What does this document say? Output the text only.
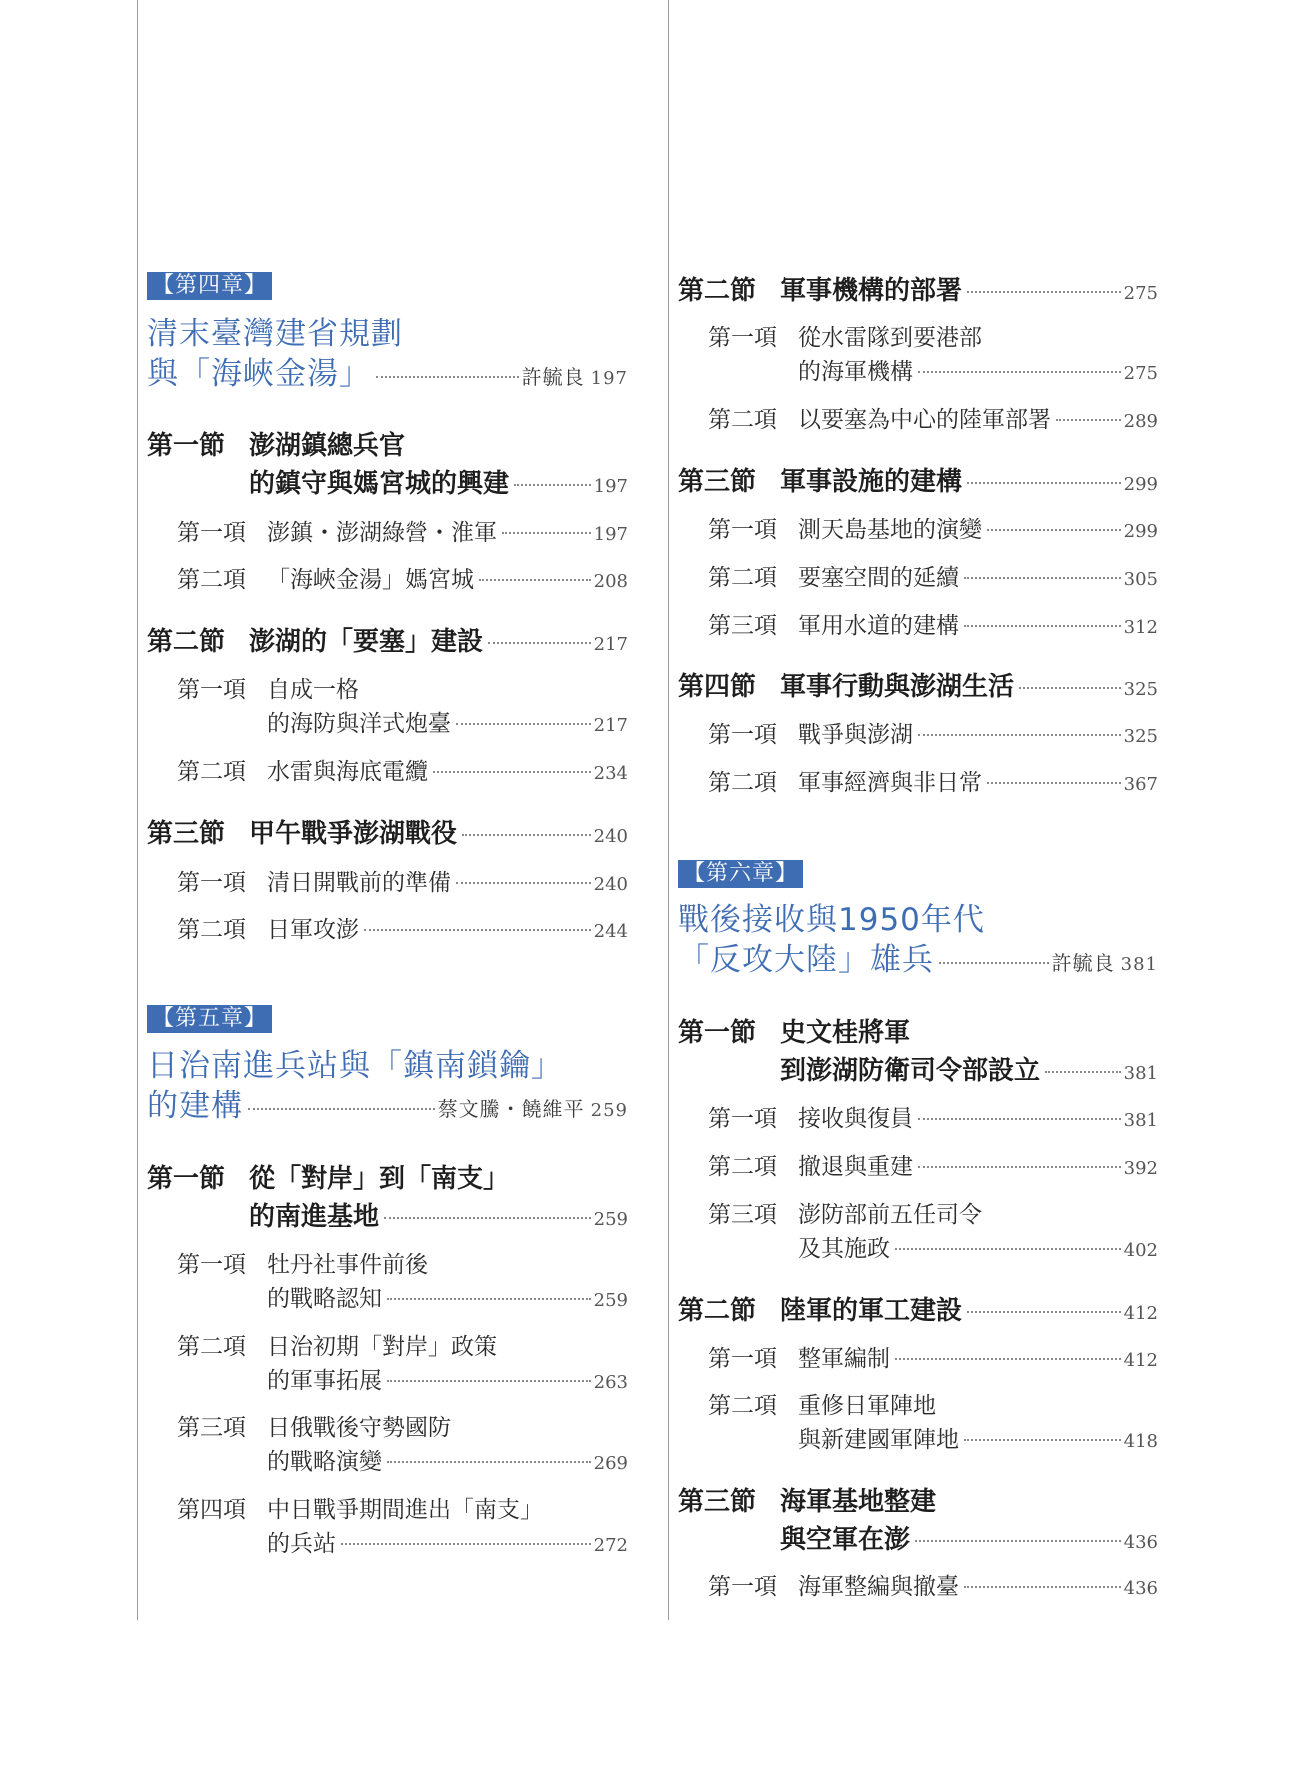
【第四章】
清末臺灣建省規劃
與「海峽金湯」	許毓良 197
第一節 澎湖鎮總兵官
的鎮守與媽宮城的興建	197
第一項 澎鎮・澎湖綠營・淮軍	197
第二項 「海峽金湯」媽宮城	208
第二節 澎湖的「要塞」建設	217
第一項 自成一格
的海防與洋式炮臺	217
第二項 水雷與海底電纜	234
第三節 甲午戰爭澎湖戰役	240
第一項 清日開戰前的準備	240
第二項 日軍攻澎	244
【第五章】
日治南進兵站與「鎮南鎖鑰」
的建構	蔡文騰・饒維平 259
第一節 從「對岸」到「南支」
的南進基地	259
第一項 牡丹社事件前後
的戰略認知	259
第二項 日治初期「對岸」政策
的軍事拓展	263
第三項 日俄戰後守勢國防
的戰略演變	269
第四項 中日戰爭期間進出「南支」
的兵站	272
第二節 軍事機構的部署	275
第一項 從水雷隊到要港部
的海軍機構	275
第二項 以要塞為中心的陸軍部署	289
第三節 軍事設施的建構	299
第一項 測天島基地的演變	299
第二項 要塞空間的延續	305
第三項 軍用水道的建構	312
第四節 軍事行動與澎湖生活	325
第一項 戰爭與澎湖	325
第二項 軍事經濟與非日常	367
【第六章】
戰後接收與1950年代
「反攻大陸」雄兵	許毓良 381
第一節 史文桂將軍
到澎湖防衛司令部設立	381
第一項 接收與復員	381
第二項 撤退與重建	392
第三項 澎防部前五任司令
及其施政	402
第二節 陸軍的軍工建設	412
第一項 整軍編制	412
第二項 重修日軍陣地
與新建國軍陣地	418
第三節 海軍基地整建
與空軍在澎	436
第一項 海軍整編與撤臺	436
